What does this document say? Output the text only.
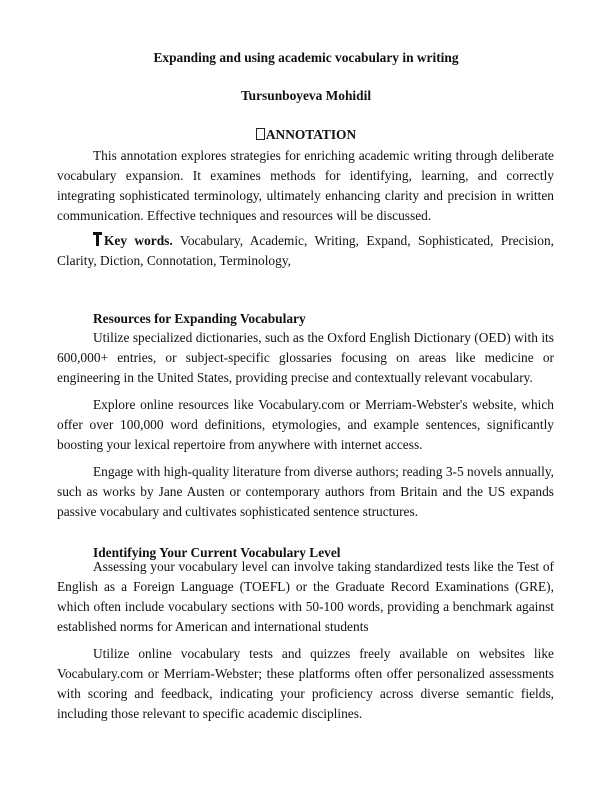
Expanding and using academic vocabulary in writing
Tursunboyeva Mohidil
ANNOTATION

This annotation explores strategies for enriching academic writing through deliberate vocabulary expansion. It examines methods for identifying, learning, and correctly integrating sophisticated terminology, ultimately enhancing clarity and precision in written communication. Effective techniques and resources will be discussed.

Key words. Vocabulary, Academic, Writing, Expand, Sophisticated, Precision, Clarity, Diction, Connotation, Terminology,

Resources for Expanding Vocabulary

Utilize specialized dictionaries, such as the Oxford English Dictionary (OED) with its 600,000+ entries, or subject-specific glossaries focusing on areas like medicine or engineering in the United States, providing precise and contextually relevant vocabulary.

Explore online resources like Vocabulary.com or Merriam-Webster's website, which offer over 100,000 word definitions, etymologies, and example sentences, significantly boosting your lexical repertoire from anywhere with internet access.

Engage with high-quality literature from diverse authors; reading 3-5 novels annually, such as works by Jane Austen or contemporary authors from Britain and the US expands passive vocabulary and cultivates sophisticated sentence structures.

Identifying Your Current Vocabulary Level

Assessing your vocabulary level can involve taking standardized tests like the Test of English as a Foreign Language (TOEFL) or the Graduate Record Examinations (GRE), which often include vocabulary sections with 50-100 words, providing a benchmark against established norms for American and international students

Utilize online vocabulary tests and quizzes freely available on websites like Vocabulary.com or Merriam-Webster; these platforms often offer personalized assessments with scoring and feedback, indicating your proficiency across diverse semantic fields, including those relevant to specific academic disciplines.
